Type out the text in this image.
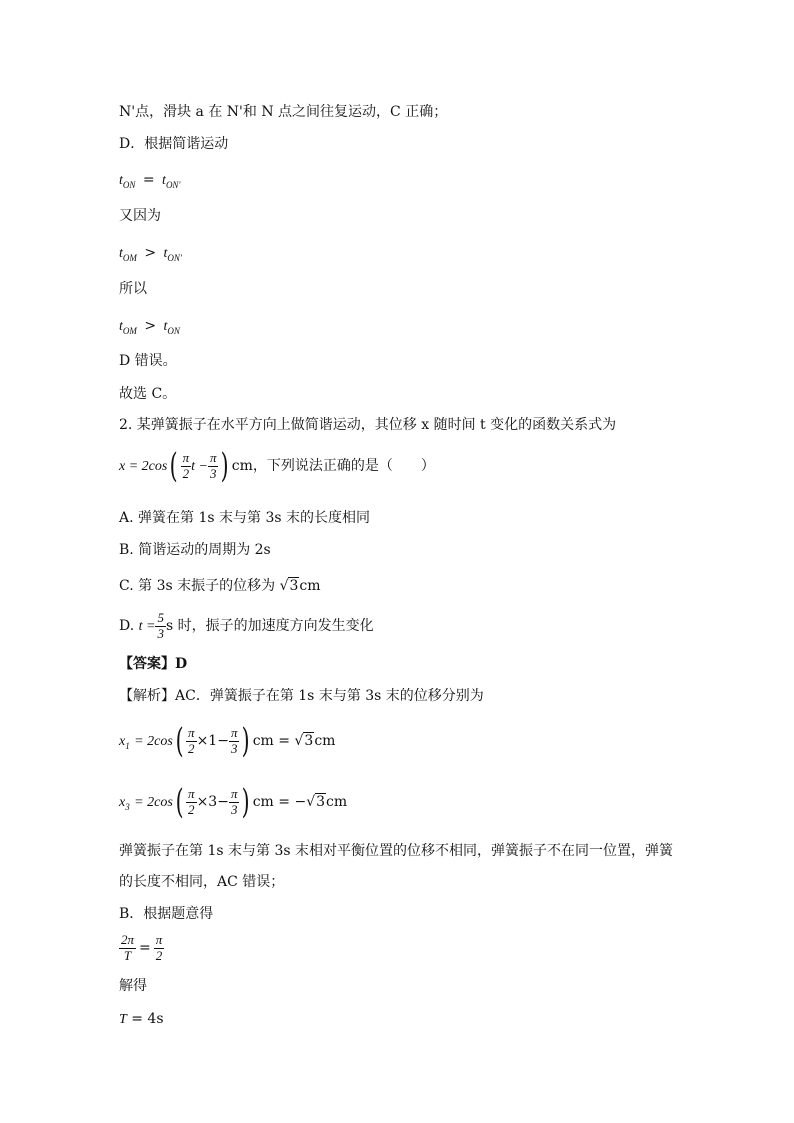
N'点，滑块 a 在 N'和 N 点之间往复运动，C 正确；
D．根据简谐运动
$t_{ON} = t_{ON'}$
又因为
$t_{OM} > t_{ON'}$
所以
$t_{OM} > t_{ON}$
D 错误。
故选 C。
2. 某弹簧振子在水平方向上做简谐运动，其位移 x 随时间 t 变化的函数关系式为
$x = 2\cos( \frac{\pi}{2}$ $t - \frac{\pi}{3}$ ) cm，下列说法正确的是（　　）
A. 弹簧在第 1s 末与第 3s 末的长度相同
B. 简谐运动的周期为 2s
C. 第 3s 末振子的位移为 √3cm
D. $t = \frac{5}{3}$ s 时，振子的加速度方向发生变化
【答案】D
【解析】AC．弹簧振子在第 1s 末与第 3s 末的位移分别为
$x_1 = 2\cos( \frac{\pi}{2} \times 1- \frac{\pi}{3}$ ) cm = √3cm
$x_3 = 2\cos( \frac{\pi}{2} \times 3- \frac{\pi}{3}$ ) cm = −√3cm
弹簧振子在第 1s 末与第 3s 末相对平衡位置的位移不相同，弹簧振子不在同一位置，弹簧
的长度不相同，AC 错误；
B．根据题意得
$\frac{2\pi}{T} = \frac{\pi}{2}$
解得
T = 4s
